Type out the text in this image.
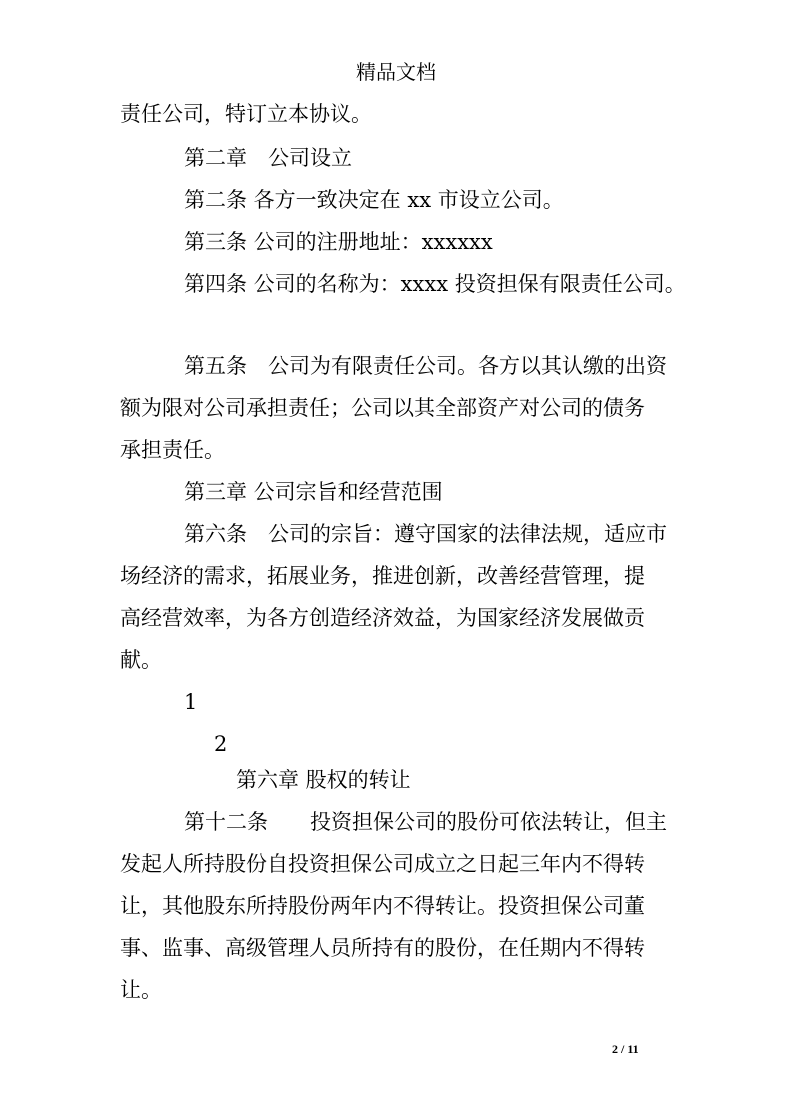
精品文档
责任公司，特订立本协议。
第二章　公司设立
第二条 各方一致决定在 xx 市设立公司。
第三条 公司的注册地址：xxxxxx
第四条 公司的名称为：xxxx 投资担保有限责任公司。
第五条　公司为有限责任公司。各方以其认缴的出资
额为限对公司承担责任；公司以其全部资产对公司的债务
承担责任。
第三章 公司宗旨和经营范围
第六条　公司的宗旨：遵守国家的法律法规，适应市
场经济的需求，拓展业务，推进创新，改善经营管理，提
高经营效率，为各方创造经济效益，为国家经济发展做贡
献。
1
2
第六章 股权的转让
第十二条　　投资担保公司的股份可依法转让，但主
发起人所持股份自投资担保公司成立之日起三年内不得转
让，其他股东所持股份两年内不得转让。投资担保公司董
事、监事、高级管理人员所持有的股份，在任期内不得转
让。
2 / 11
